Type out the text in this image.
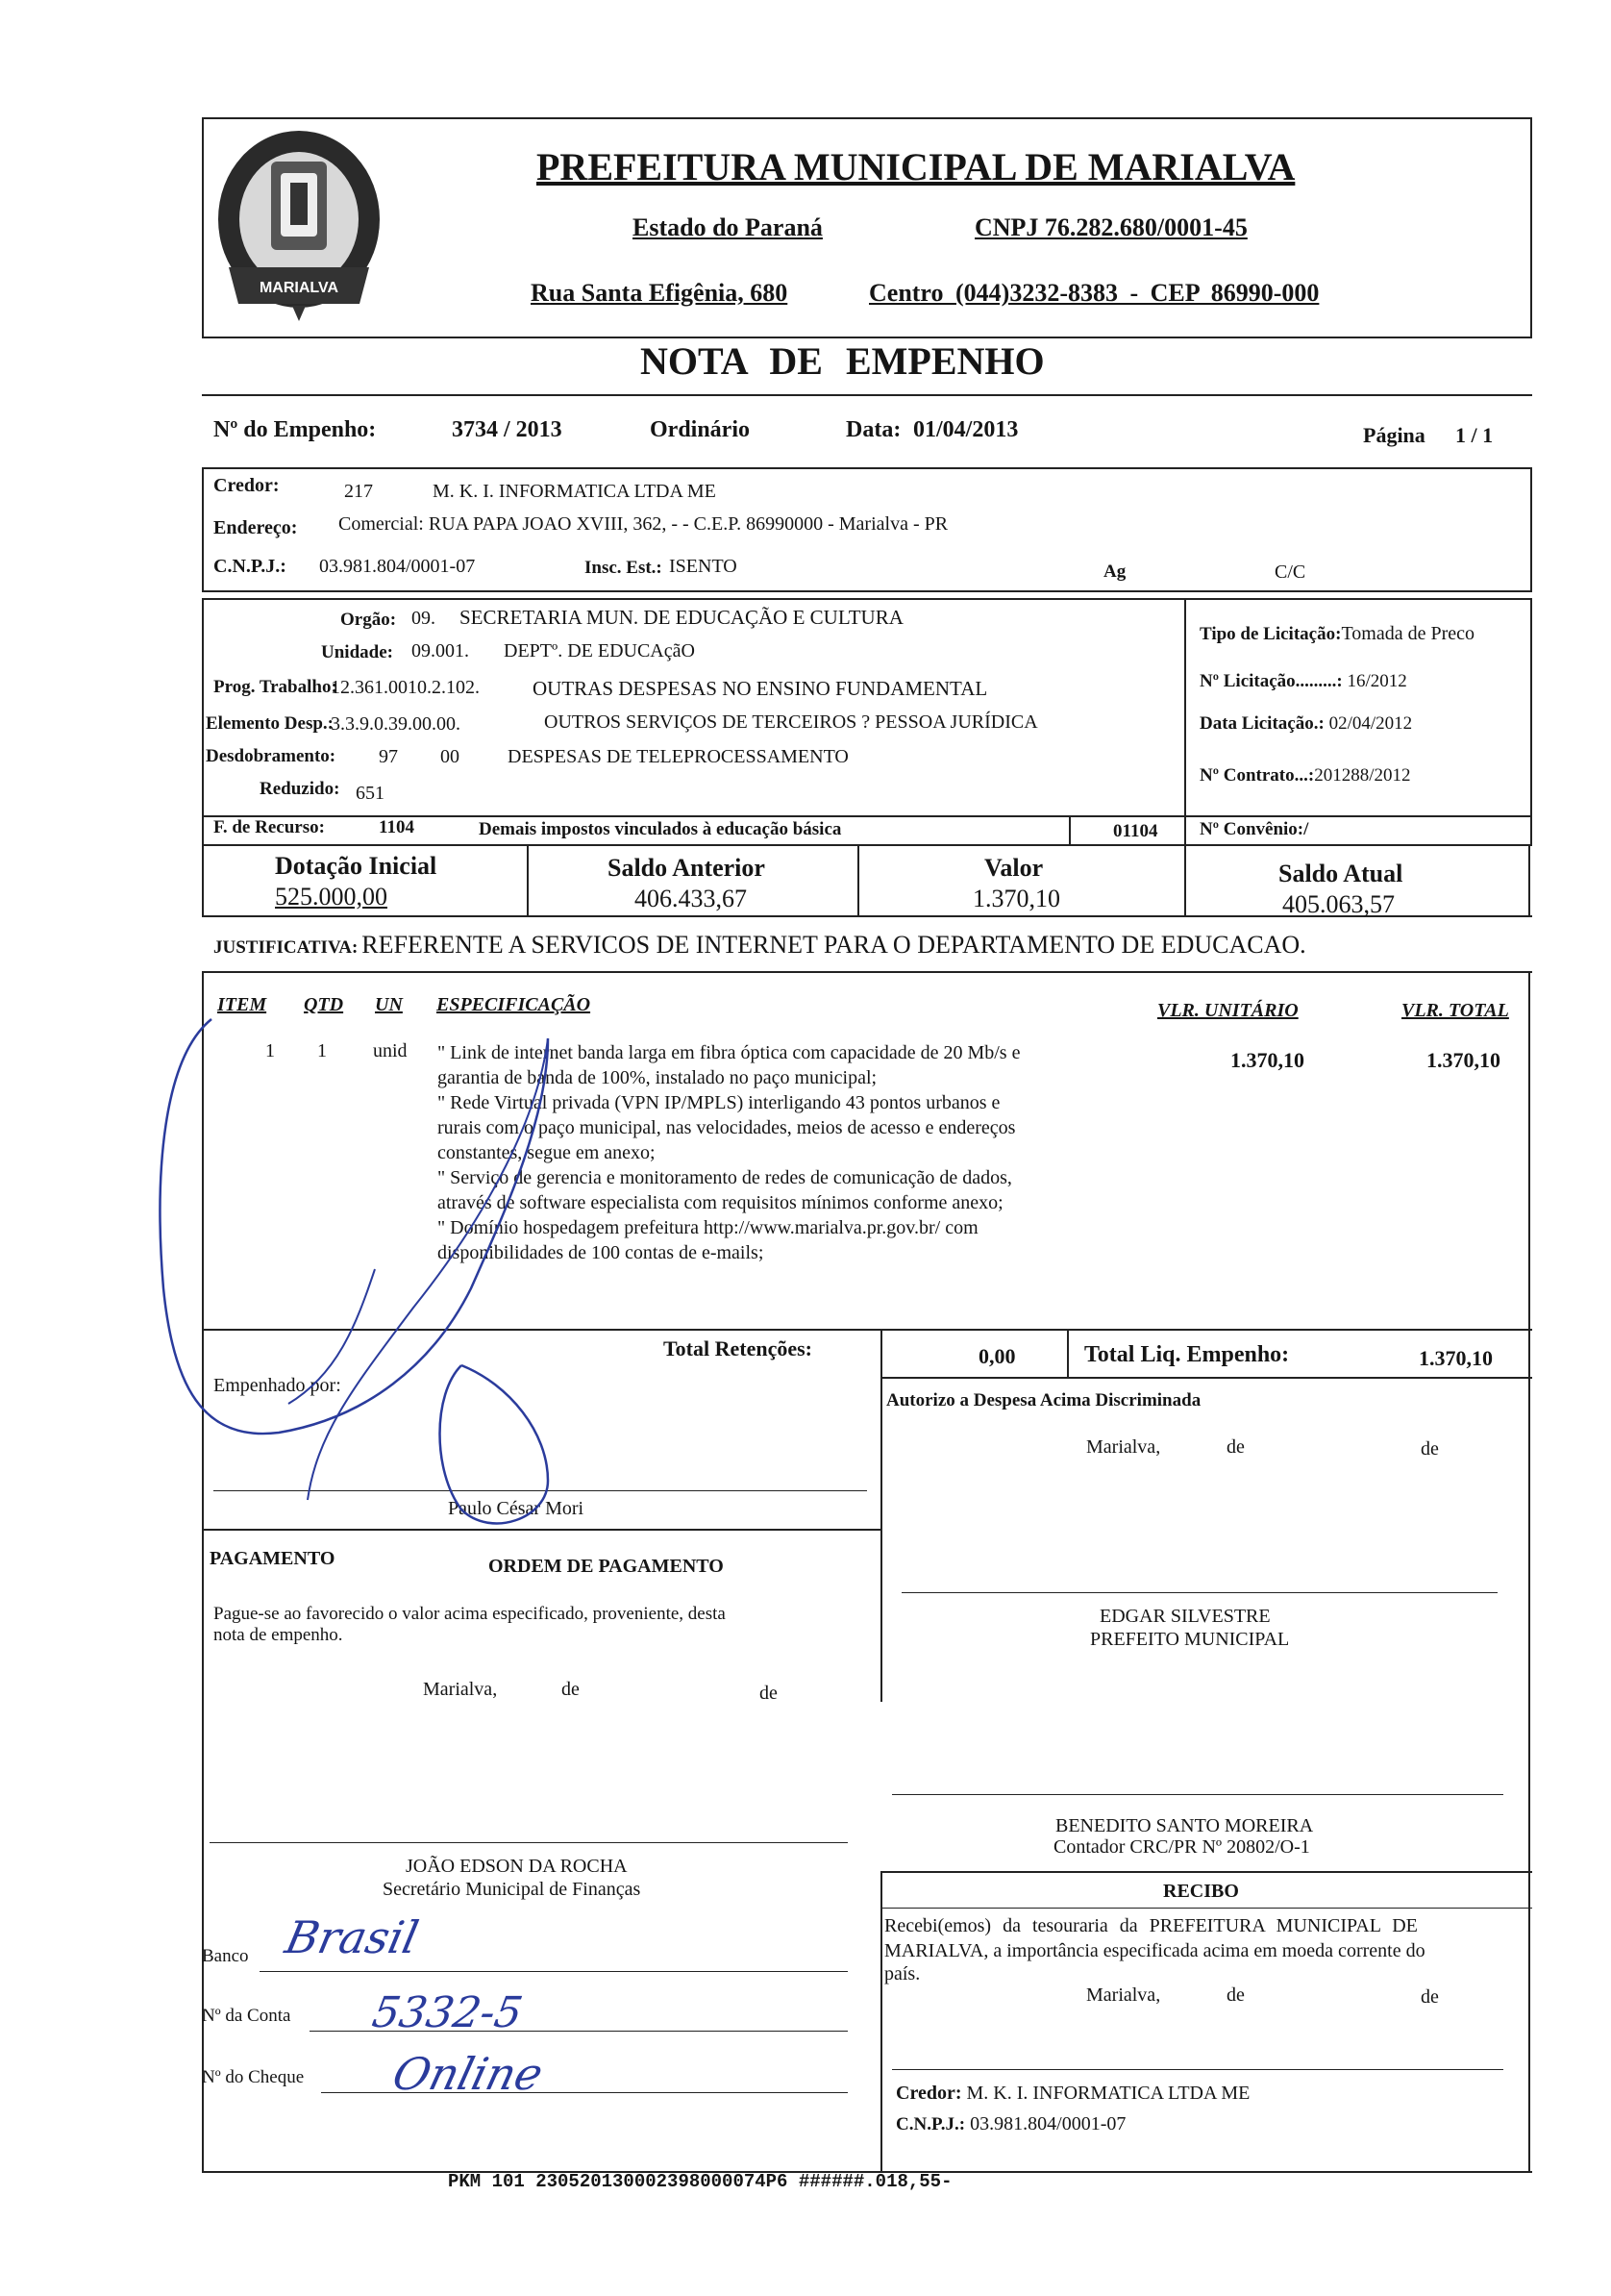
MARIALVA
PREFEITURA MUNICIPAL DE MARIALVA
Estado do Paraná	CNPJ 76.282.680/0001-45
Rua Santa Efigênia, 680	Centro (044)3232-8383 - CEP 86990-000
NOTA DE EMPENHO
Nº do Empenho:	3734 / 2013	Ordinário	Data: 01/04/2013	Página 1 / 1
Credor:	217	M. K. I. INFORMATICA LTDA ME
Endereço: Comercial: RUA PAPA JOAO XVIII, 362, - - C.E.P. 86990000 - Marialva - PR
C.N.P.J.: 03.981.804/0001-07	Insc. Est.: ISENTO	Ag	C/C
Orgão: 09. SECRETARIA MUN. DE EDUCAÇÃO E CULTURA
Unidade: 09.001. DEPTº. DE EDUCAçãO
Prog. Trabalho:
12.361.0010.2.102.	OUTRAS DESPESAS NO ENSINO FUNDAMENTAL
Elemento Desp.:
3.3.9.0.39.00.00.	OUTROS SERVIÇOS DE TERCEIROS ? PESSOA JURÍDICA
Desdobramento: 97 00	DESPESAS DE TELEPROCESSAMENTO
Reduzido: 651
F. de Recurso:	1104	Demais impostos vinculados à educação básica	01104
Tipo de Licitação:Tomada de Preco
Nº Licitação.........: 16/2012
Data Licitação.: 02/04/2012
Nº Contrato...:201288/2012
Nº Convênio:/
Dotação Inicial
525.000,00
Saldo Anterior
406.433,67
Valor
1.370,10
Saldo Atual
405.063,57
JUSTIFICATIVA: REFERENTE A SERVICOS DE INTERNET PARA O DEPARTAMENTO DE EDUCACAO.
ITEM QTD UN ESPECIFICAÇÃO	VLR. UNITÁRIO	VLR. TOTAL
1 1 unid " Link de internet banda larga em fibra óptica com capacidade de 20 Mb/s e
garantia de banda de 100%, instalado no paço municipal;
" Rede Virtual privada (VPN IP/MPLS) interligando 43 pontos urbanos e
rurais com o paço municipal, nas velocidades, meios de acesso e endereços
constantes, segue em anexo;
" Serviço de gerencia e monitoramento de redes de comunicação de dados,
através de software especialista com requisitos mínimos conforme anexo;
" Domínio hospedagem prefeitura http://www.marialva.pr.gov.br/ com
disponibilidades de 100 contas de e-mails;
1.370,10	1.370,10
Total Retenções:	0,00	Total Liq. Empenho:	1.370,10
Empenhado por:
Paulo César Mori
Autorizo a Despesa Acima Discriminada
Marialva,	de	de
PAGAMENTO	ORDEM DE PAGAMENTO
Pague-se ao favorecido o valor acima especificado, proveniente, desta
nota de empenho.
Marialva,	de	de
EDGAR SILVESTRE
PREFEITO MUNICIPAL
BENEDITO SANTO MOREIRA
Contador CRC/PR Nº 20802/O-1
JOÃO EDSON DA ROCHA
Secretário Municipal de Finanças	RECIBO
Recebi(emos) da tesouraria da PREFEITURA MUNICIPAL DE
MARIALVA, a importância especificada acima em moeda corrente do
país.
Marialva,	de	de
Credor: M. K. I. INFORMATICA LTDA ME
C.N.P.J.: 03.981.804/0001-07
Banco
Nº da Conta
Nº do Cheque
Brasil
5332-5
Online
PKM 101 230520130002398000074P6 ######.018,55-
